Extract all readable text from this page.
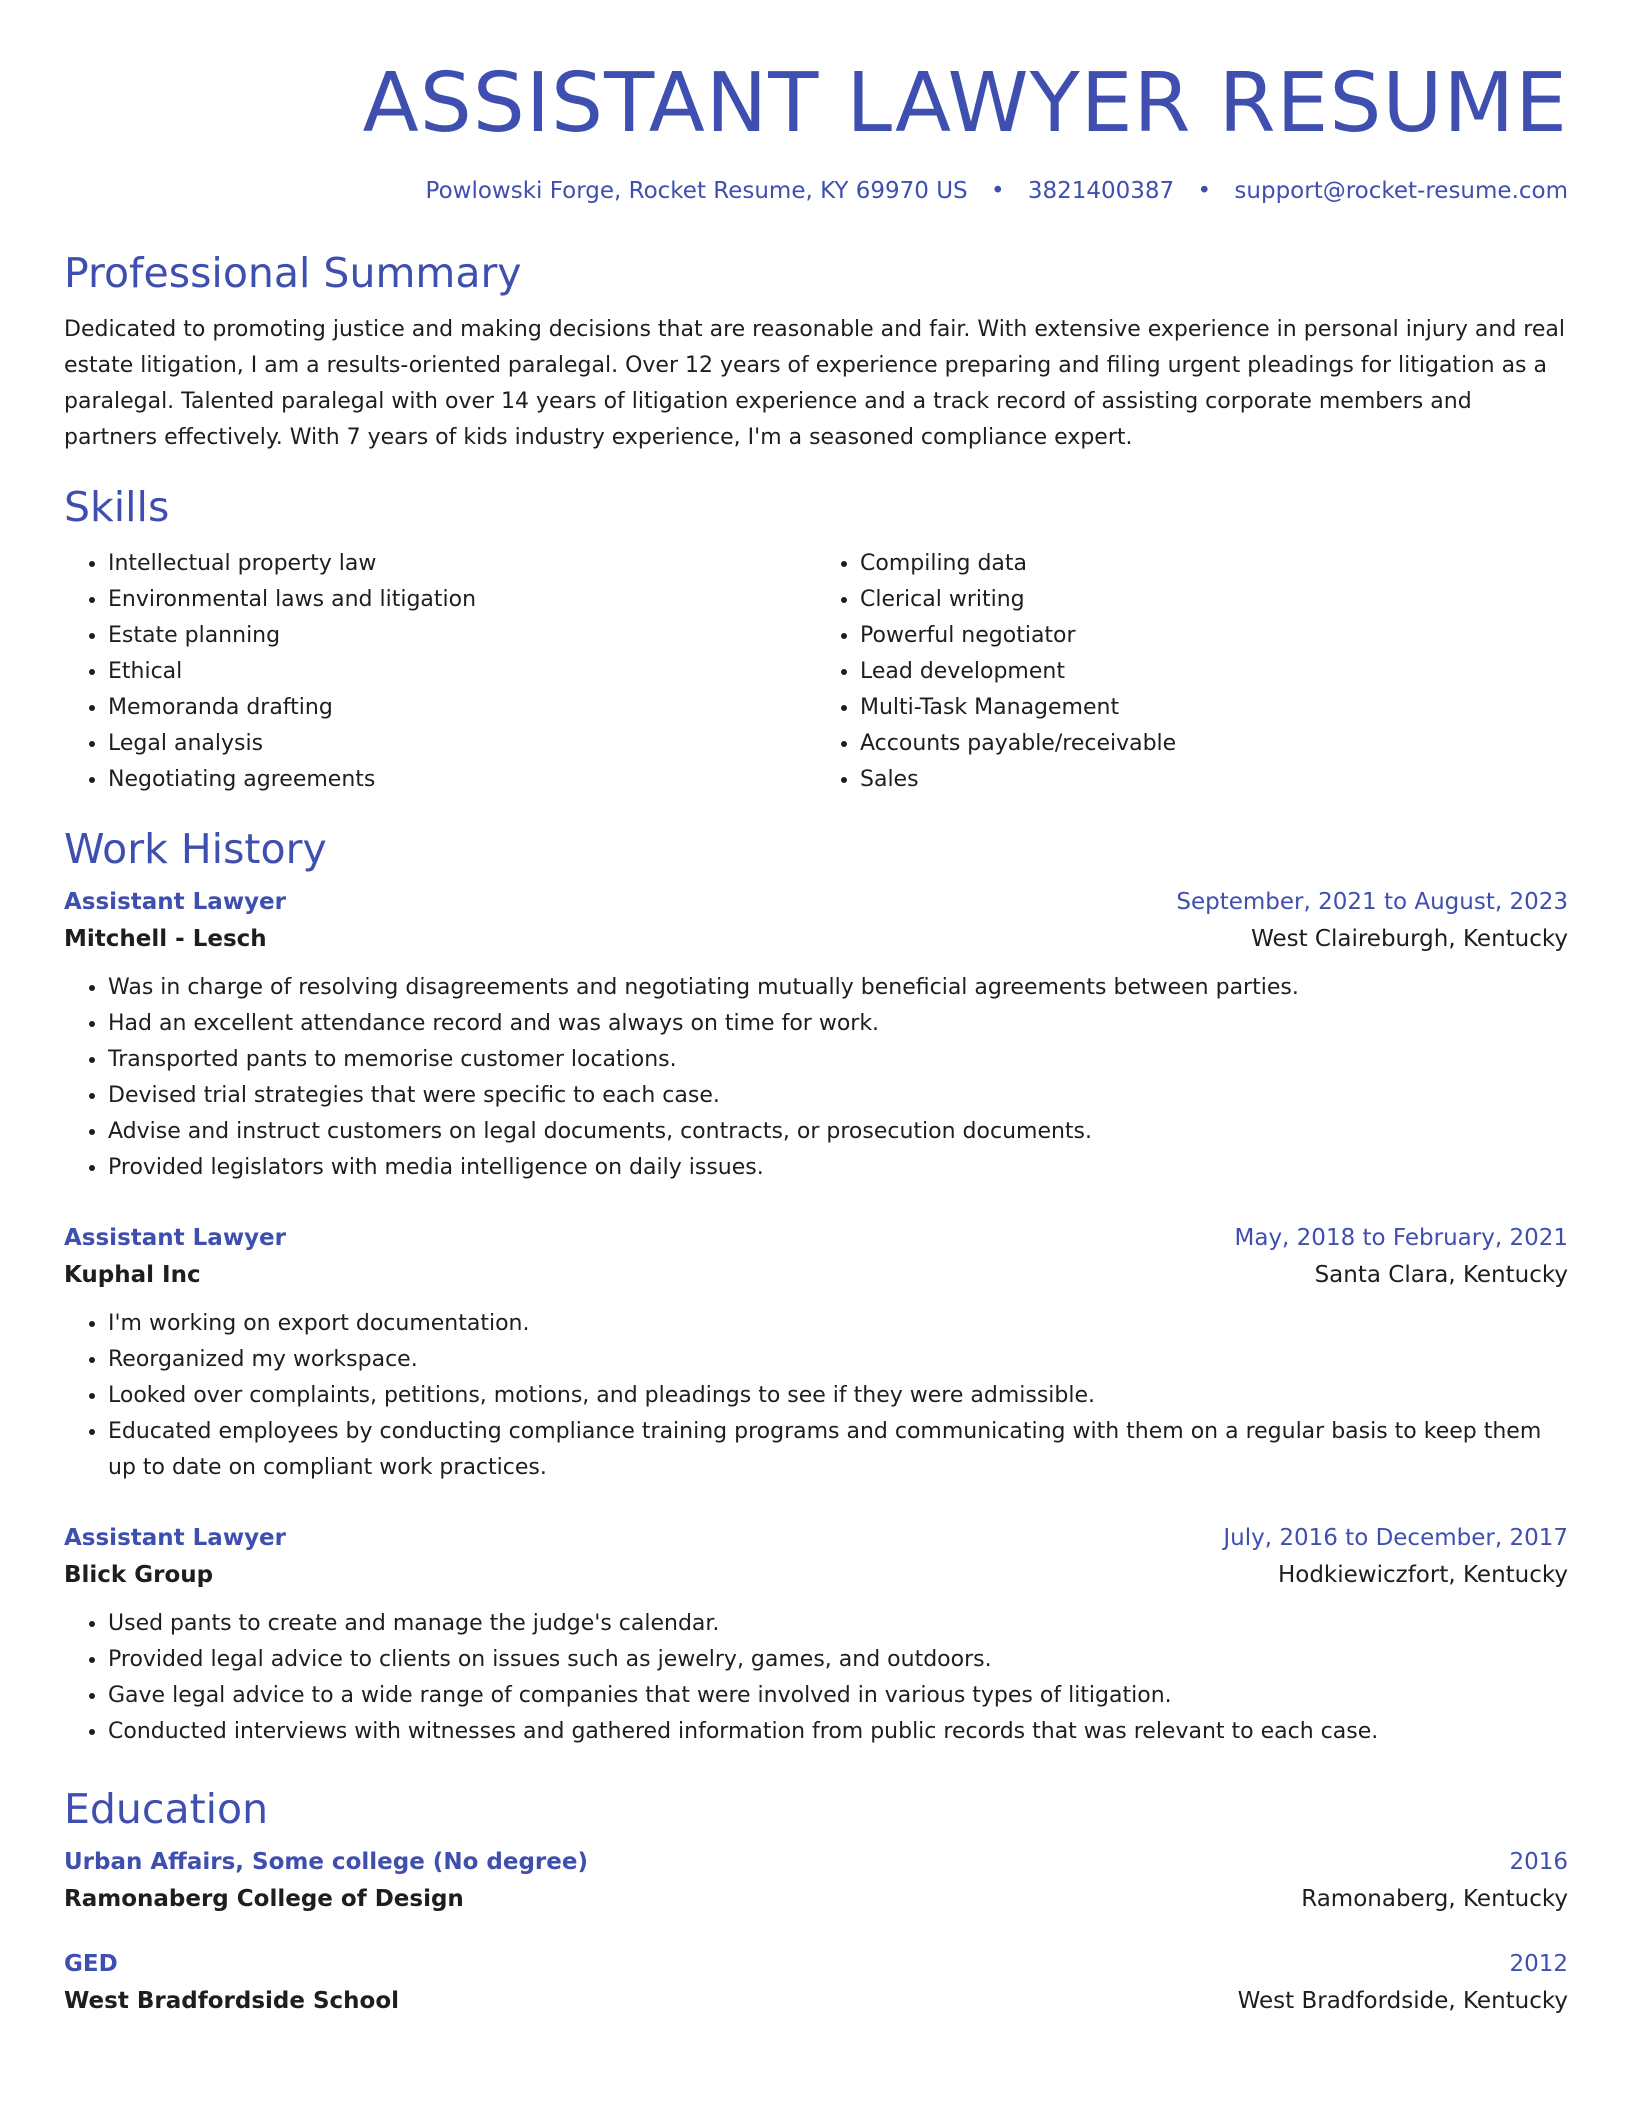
ASSISTANT LAWYER RESUME
Powlowski Forge, Rocket Resume, KY 69970 US • 3821400387 • support@rocket-resume.com
Professional Summary

Dedicated to promoting justice and making decisions that are reasonable and fair. With extensive experience in personal injury and real estate litigation, I am a results-oriented paralegal. Over 12 years of experience preparing and filing urgent pleadings for litigation as a paralegal. Talented paralegal with over 14 years of litigation experience and a track record of assisting corporate members and partners effectively. With 7 years of kids industry experience, I'm a seasoned compliance expert.

Skills
• Intellectual property law
• Environmental laws and litigation
• Estate planning
• Ethical
• Memoranda drafting
• Legal analysis
• Negotiating agreements
• Compiling data
• Clerical writing
• Powerful negotiator
• Lead development
• Multi-Task Management
• Accounts payable/receivable
• Sales
Work History
Assistant Lawyer	September, 2021 to August, 2023
Mitchell - Lesch	West Claireburgh, Kentucky
• Was in charge of resolving disagreements and negotiating mutually beneficial agreements between parties.
• Had an excellent attendance record and was always on time for work.
• Transported pants to memorise customer locations.
• Devised trial strategies that were specific to each case.
• Advise and instruct customers on legal documents, contracts, or prosecution documents.
• Provided legislators with media intelligence on daily issues.
Assistant Lawyer	May, 2018 to February, 2021
Kuphal Inc	Santa Clara, Kentucky
• I'm working on export documentation.
• Reorganized my workspace.
• Looked over complaints, petitions, motions, and pleadings to see if they were admissible.
• Educated employees by conducting compliance training programs and communicating with them on a regular basis to keep them up to date on compliant work practices.
Assistant Lawyer	July, 2016 to December, 2017
Blick Group	Hodkiewiczfort, Kentucky
• Used pants to create and manage the judge's calendar.
• Provided legal advice to clients on issues such as jewelry, games, and outdoors.
• Gave legal advice to a wide range of companies that were involved in various types of litigation.
• Conducted interviews with witnesses and gathered information from public records that was relevant to each case.
Education
Urban Affairs, Some college (No degree)	2016
Ramonaberg College of Design	Ramonaberg, Kentucky
GED	2012
West Bradfordside School	West Bradfordside, Kentucky
